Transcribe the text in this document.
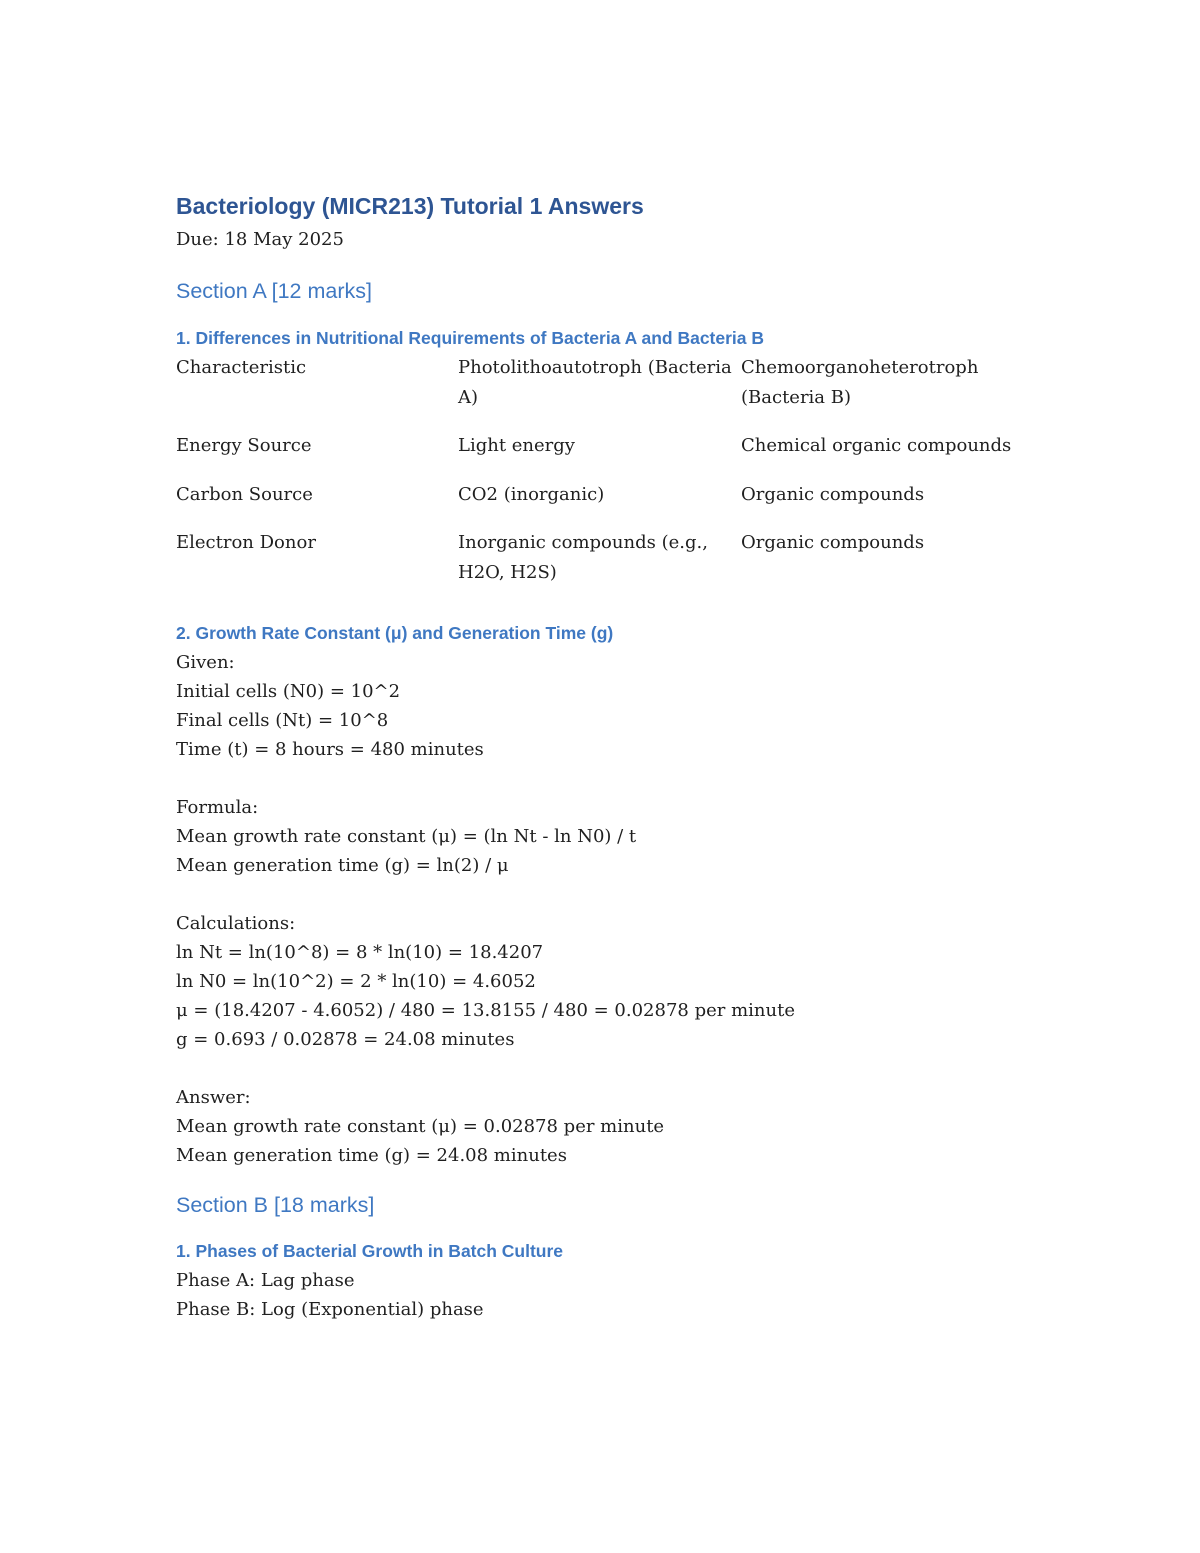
Bacteriology (MICR213) Tutorial 1 Answers

Due: 18 May 2025

Section A [12 marks]
1. Differences in Nutritional Requirements of Bacteria A and Bacteria B
Characteristic	Photolithoautotroph (Bacteria A)	Chemoorganoheterotroph (Bacteria B)
Energy Source	Light energy	Chemical organic compounds
Carbon Source	CO2 (inorganic)	Organic compounds
Electron Donor	Inorganic compounds (e.g., H2O, H2S)	Organic compounds
2. Growth Rate Constant (μ) and Generation Time (g)
Given:
Initial cells (N0) = 10^2
Final cells (Nt) = 10^8
Time (t) = 8 hours = 480 minutes
Formula:
Mean growth rate constant (μ) = (ln Nt - ln N0) / t
Mean generation time (g) = ln(2) / μ
Calculations:
ln Nt = ln(10^8) = 8 * ln(10) = 18.4207
ln N0 = ln(10^2) = 2 * ln(10) = 4.6052
μ = (18.4207 - 4.6052) / 480 = 13.8155 / 480 = 0.02878 per minute
g = 0.693 / 0.02878 = 24.08 minutes
Answer:
Mean growth rate constant (μ) = 0.02878 per minute
Mean generation time (g) = 24.08 minutes
Section B [18 marks]
1. Phases of Bacterial Growth in Batch Culture
Phase A: Lag phase
Phase B: Log (Exponential) phase
